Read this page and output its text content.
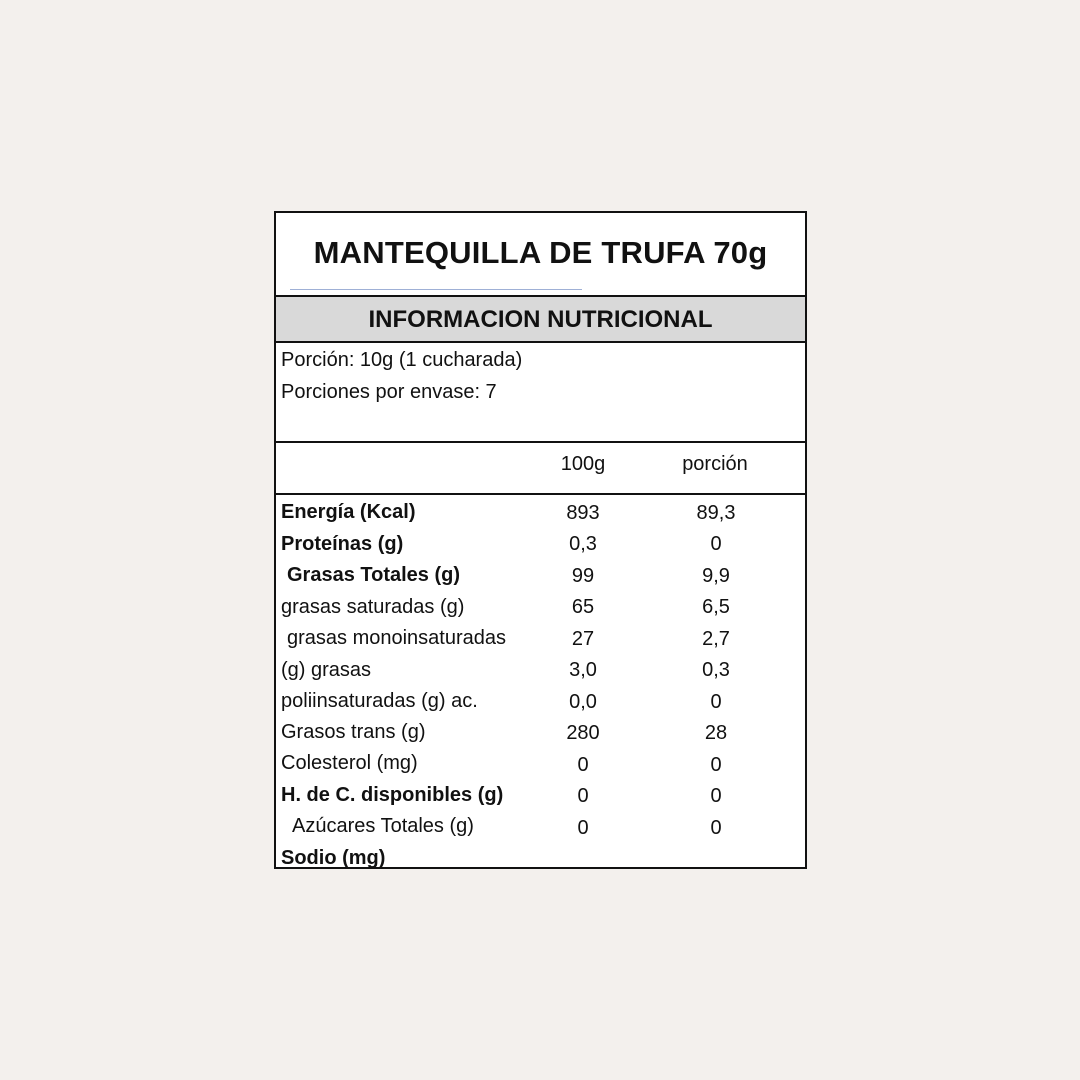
MANTEQUILLA DE TRUFA 70g
INFORMACION NUTRICIONAL
Porción: 10g (1 cucharada)
Porciones por envase: 7
100g	porción
Energía (Kcal)
Proteínas (g)
Grasas Totales (g)
grasas saturadas (g)
grasas monoinsaturadas
(g) grasas
poliinsaturadas (g) ac.
Grasos trans (g)
Colesterol (mg)
H. de C. disponibles (g)
Azúcares Totales (g)
Sodio (mg)
893
0,3
99
65
27
3,0
0,0
280
0
0
0
89,3
0
9,9
6,5
2,7
0,3
0
28
0
0
0
